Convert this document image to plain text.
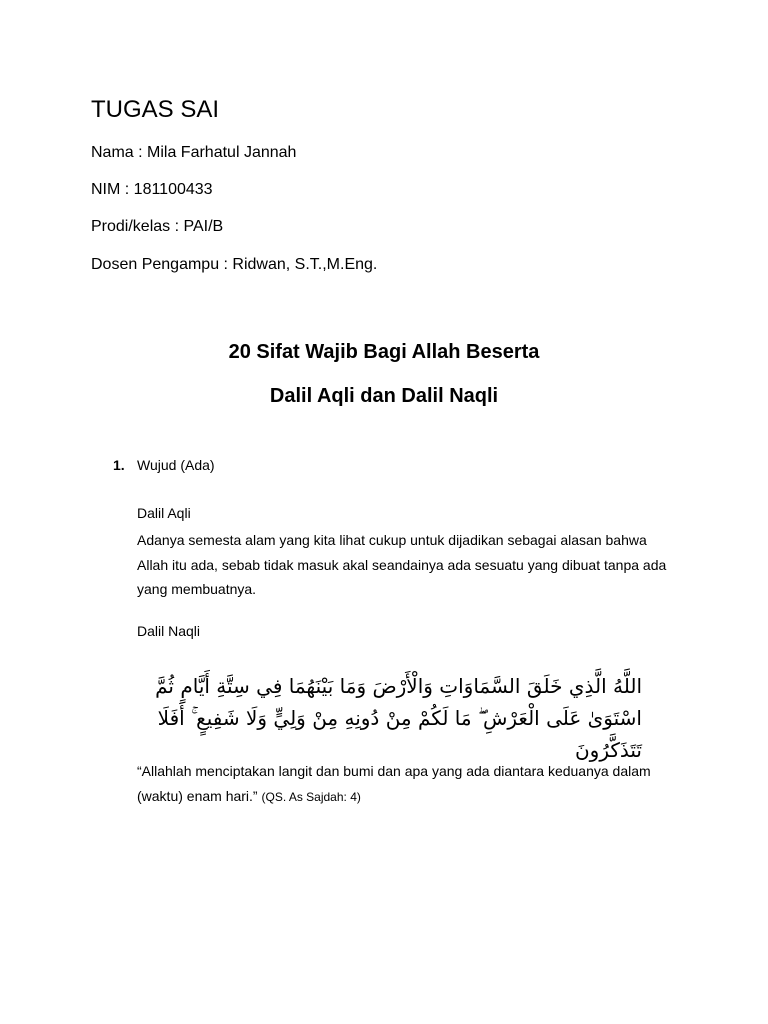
TUGAS SAI
Nama : Mila Farhatul Jannah
NIM : 181100433
Prodi/kelas : PAI/B
Dosen Pengampu : Ridwan, S.T.,M.Eng.
20 Sifat Wajib Bagi Allah Beserta
Dalil Aqli dan Dalil Naqli
1. Wujud (Ada)
Dalil Aqli
Adanya semesta alam yang kita lihat cukup untuk dijadikan sebagai alasan bahwa Allah itu ada, sebab tidak masuk akal seandainya ada sesuatu yang dibuat tanpa ada yang membuatnya.
Dalil Naqli
اللَّهُ الَّذِي خَلَقَ السَّمَاوَاتِ وَالْأَرْضَ وَمَا بَيْنَهُمَا فِي سِتَّةِ أَيَّامٍ ثُمَّ اسْتَوَىٰ عَلَى الْعَرْشِ ۖ مَا لَكُمْ مِنْ دُونِهِ مِنْ وَلِيٍّ وَلَا شَفِيعٍ ۚ أَفَلَا تَتَذَكَّرُونَ
“Allahlah menciptakan langit dan bumi dan apa yang ada diantara keduanya dalam (waktu) enam hari.” (QS. As Sajdah: 4)
